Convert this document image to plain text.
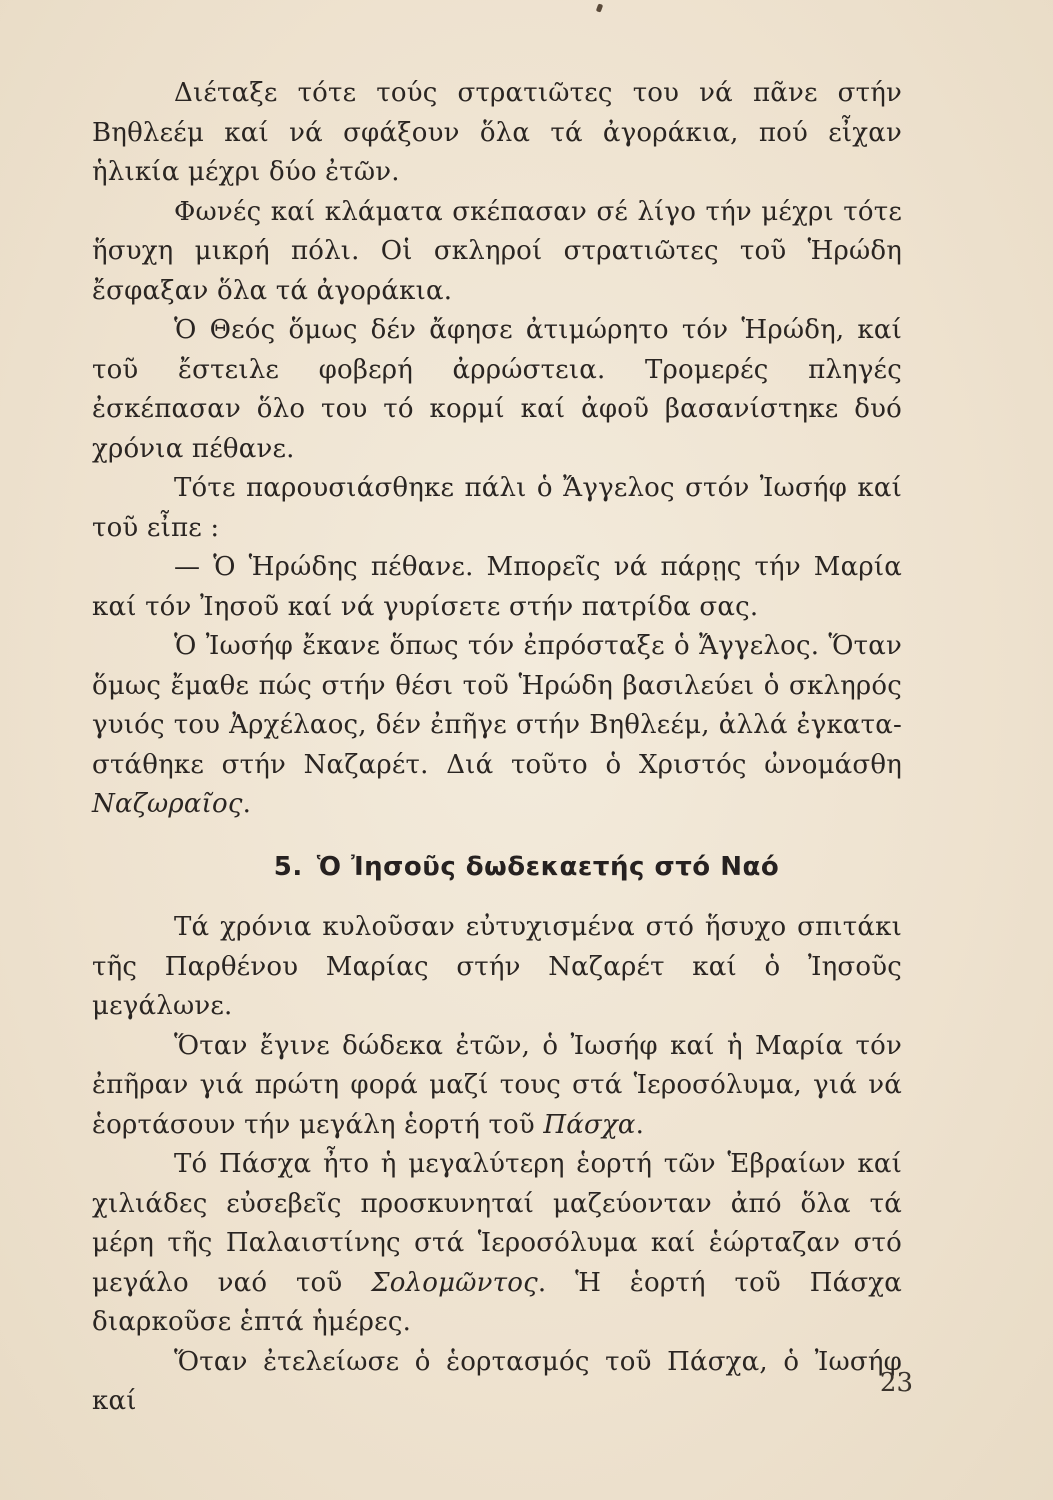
Διέταξε τότε τούς στρατιῶτες του νά πᾶνε στήν Βηθλεέμ καί νά σφάξουν ὅλα τά ἀγοράκια, πού εἶχαν ἡλικία μέχρι δύο ἐτῶν.

Φωνές καί κλάματα σκέπασαν σέ λίγο τήν μέχρι τότε ἥσυχη μικρή πόλι. Οἱ σκληροί στρατιῶτες τοῦ Ἡρώδη ἔσφαξαν ὅλα τά ἀγοράκια.

Ὁ Θεός ὅμως δέν ἄφησε ἀτιμώρητο τόν Ἡρώδη, καί τοῦ ἔστειλε φοβερή ἀρρώστεια. Τρομερές πληγές ἐσκέπασαν ὅλο του τό κορμί καί ἀφοῦ βασανίστηκε δυό χρόνια πέθανε.

Τότε παρουσιάσθηκε πάλι ὁ Ἄγγελος στόν Ἰωσήφ καί τοῦ εἶπε :

— Ὁ Ἡρώδης πέθανε. Μπορεῖς νά πάρῃς τήν Μαρία καί τόν Ἰησοῦ καί νά γυρίσετε στήν πατρίδα σας.

Ὁ Ἰωσήφ ἔκανε ὅπως τόν ἐπρόσταξε ὁ Ἄγγελος. Ὅταν ὅμως ἔμαθε πώς στήν θέσι τοῦ Ἡρώδη βασιλεύει ὁ σκληρός γυιός του Ἀρχέλαος, δέν ἐπῆγε στήν Βηθλεέμ, ἀλλά ἐγκατα-στάθηκε στήν Ναζαρέτ. Διά τοῦτο ὁ Χριστός ὠνομάσθη Ναζωραῖος.

5. Ὁ Ἰησοῦς δωδεκαετής στό Ναό

Τά χρόνια κυλοῦσαν εὐτυχισμένα στό ἥσυχο σπιτάκι τῆς Παρθένου Μαρίας στήν Ναζαρέτ καί ὁ Ἰησοῦς μεγάλωνε.

Ὅταν ἔγινε δώδεκα ἐτῶν, ὁ Ἰωσήφ καί ἡ Μαρία τόν ἐπῆραν γιά πρώτη φορά μαζί τους στά Ἱεροσόλυμα, γιά νά ἑορτάσουν τήν μεγάλη ἑορτή τοῦ Πάσχα.

Τό Πάσχα ἦτο ἡ μεγαλύτερη ἑορτή τῶν Ἑβραίων καί χιλιάδες εὐσεβεῖς προσκυνηταί μαζεύονταν ἀπό ὅλα τά μέρη τῆς Παλαιστίνης στά Ἱεροσόλυμα καί ἑώρταζαν στό μεγάλο ναό τοῦ Σολομῶντος. Ἡ ἑορτή τοῦ Πάσχα διαρκοῦσε ἑπτά ἡμέρες.

Ὅταν ἐτελείωσε ὁ ἑορτασμός τοῦ Πάσχα, ὁ Ἰωσήφ καί

23
